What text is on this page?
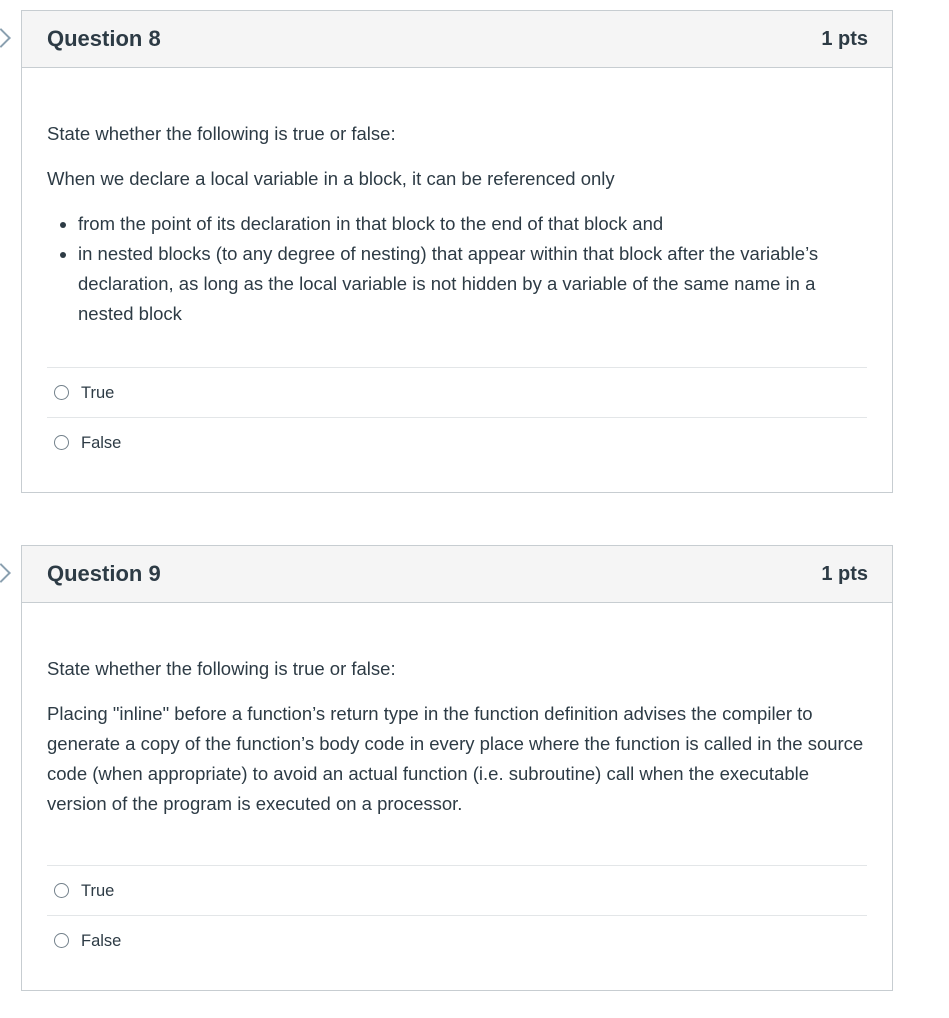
Question 8	1 pts

State whether the following is true or false:

When we declare a local variable in a block, it can be referenced only

• from the point of its declaration in that block to the end of that block and
• in nested blocks (to any degree of nesting) that appear within that block after the variable’s declaration, as long as the local variable is not hidden by a variable of the same name in a nested block
True
False
Question 9	1 pts

State whether the following is true or false:

Placing "inline" before a function’s return type in the function definition advises the compiler to generate a copy of the function’s body code in every place where the function is called in the source code (when appropriate) to avoid an actual function (i.e. subroutine) call when the executable version of the program is executed on a processor.

True
False
